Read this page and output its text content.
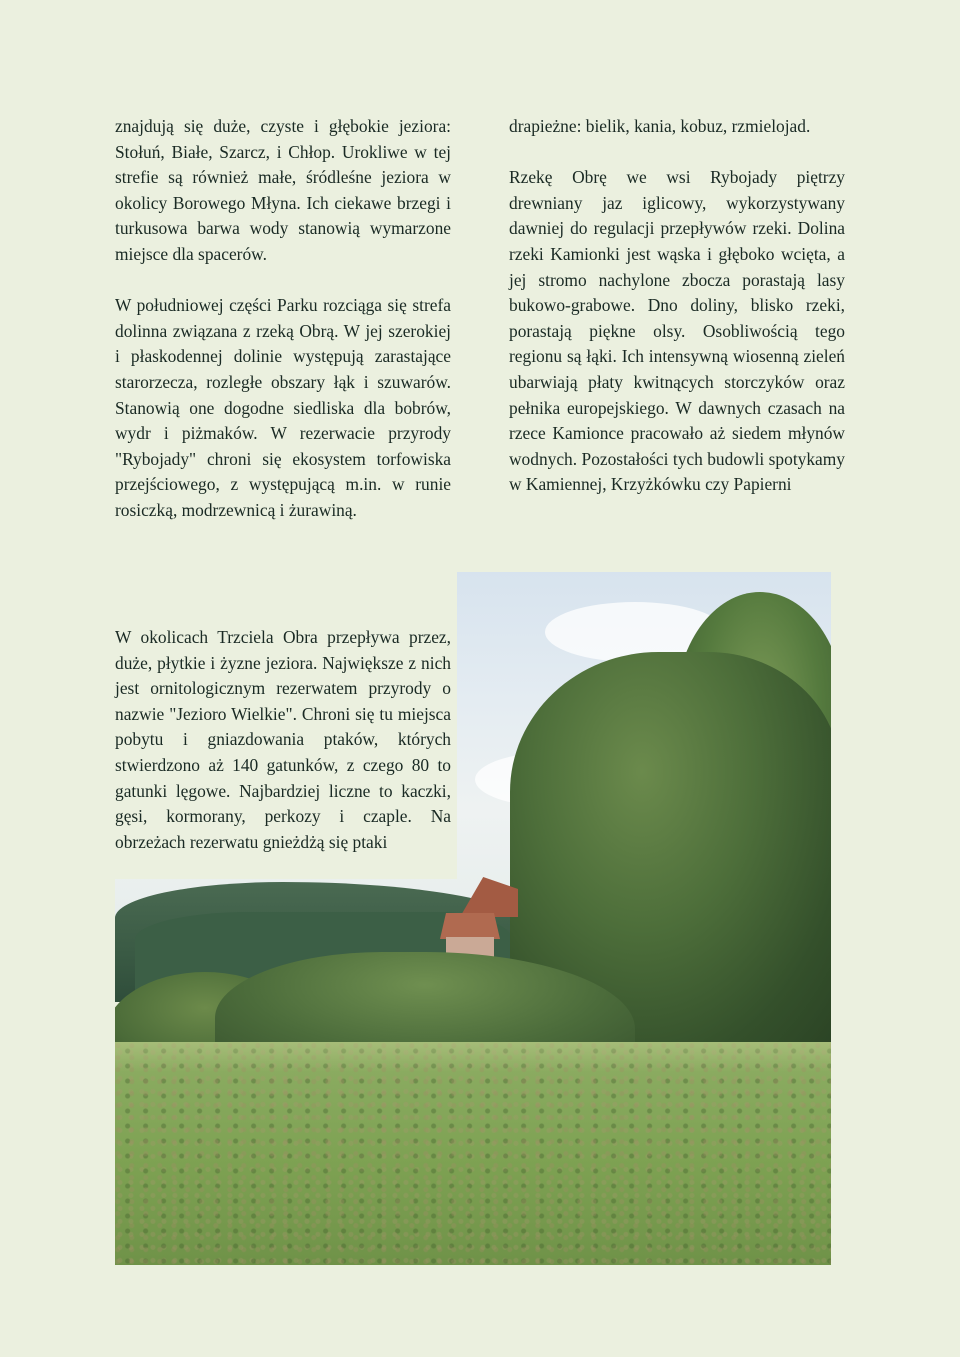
znajdują się duże, czyste i głębokie jeziora: Stołuń, Białe, Szarcz, i Chłop. Urokliwe w tej strefie są również małe, śródleśne jeziora w okolicy Borowego Młyna. Ich ciekawe brzegi i turkusowa barwa wody stanowią wymarzone miejsce dla spacerów.

W południowej części Parku rozciąga się strefa dolinna związana z rzeką Obrą. W jej szerokiej i płaskodennej dolinie występują zarastające starorzecza, rozległe obszary łąk i szuwarów. Stanowią one dogodne siedliska dla bobrów, wydr i piżmaków. W rezerwacie przyrody "Rybojady" chroni się ekosystem torfowiska przejściowego, z występującą m.in. w runie rosiczką, modrzewnicą i żurawiną.

W okolicach Trzciela Obra przepływa przez, duże, płytkie i żyzne jeziora. Największe z nich jest ornitologicznym rezerwatem przyrody o nazwie "Jezioro Wielkie". Chroni się tu miejsca pobytu i gniazdowania ptaków, których stwierdzono aż 140 gatunków, z czego 80 to gatunki lęgowe. Najbardziej liczne to kaczki, gęsi, kormorany, perkozy i czaple. Na obrzeżach rezerwatu gnieżdżą się ptaki

drapieżne: bielik, kania, kobuz, rzmielojad.

Rzekę Obrę we wsi Rybojady piętrzy drewniany jaz iglicowy, wykorzystywany dawniej do regulacji przepływów rzeki. Dolina rzeki Kamionki jest wąska i głęboko wcięta, a jej stromo nachylone zbocza porastają lasy bukowo-grabowe. Dno doliny, blisko rzeki, porastają piękne olsy. Osobliwością tego regionu są łąki. Ich intensywną wiosenną zieleń ubarwiają płaty kwitnących storczyków oraz pełnika europejskiego. W dawnych czasach na rzece Kamionce pracowało aż siedem młynów wodnych. Pozostałości tych budowli spotykamy w Kamiennej, Krzyżkówku czy Papierni
